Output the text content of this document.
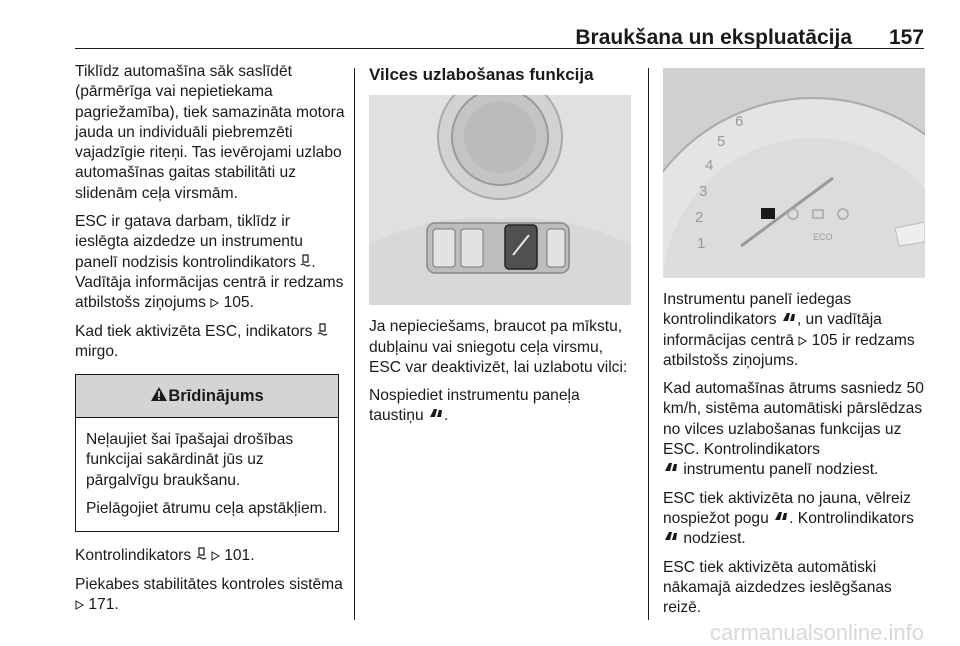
Braukšana un ekspluatācija 157

Tiklīdz automašīna sāk saslīdēt (pārmērīga vai nepietiekama pagriežamība), tiek samazināta motora jauda un individuāli piebremzēti vajadzīgie riteņi. Tas ievērojami uzlabo automašīnas gaitas stabilitāti uz slidenām ceļa virsmām.

ESC ir gatava darbam, tiklīdz ir ieslēgta aizdedze un instrumentu panelī nodzisis kontrolindikators . Vadītāja informācijas centrā ir redzams atbilstošs ziņojums 105.

Kad tiek aktivizēta ESC, indikators
mirgo.

Brīdinājums

Neļaujiet šai īpašajai drošības funkcijai sakārdināt jūs uz pārgalvīgu braukšanu.

Pielāgojiet ātrumu ceļa apstākļiem.

Kontrolindikators 101.

Piekabes stabilitātes kontroles sistēma  171.

Vilces uzlabošanas funkcija

Ja nepieciešams, braucot pa mīkstu, dubļainu vai sniegotu ceļa virsmu, ESC var deaktivizēt, lai uzlabotu vilci:

Nospiediet instrumentu paneļa taustiņu .

6
5
4
3
2
1	ECO

Instrumentu panelī iedegas kontrolindikators , un vadītāja informācijas centrā 105 ir redzams atbilstošs ziņojums.

Kad automašīnas ātrums sasniedz 50 km/h, sistēma automātiski pārslēdzas no vilces uzlabošanas funkcijas uz ESC. Kontrolindikators
instrumentu panelī nodziest.

ESC tiek aktivizēta no jauna, vēlreiz nospiežot pogu . Kontrolindikators
nodziest.

ESC tiek aktivizēta automātiski nākamajā aizdedzes ieslēgšanas reizē.

carmanualsonline.info
